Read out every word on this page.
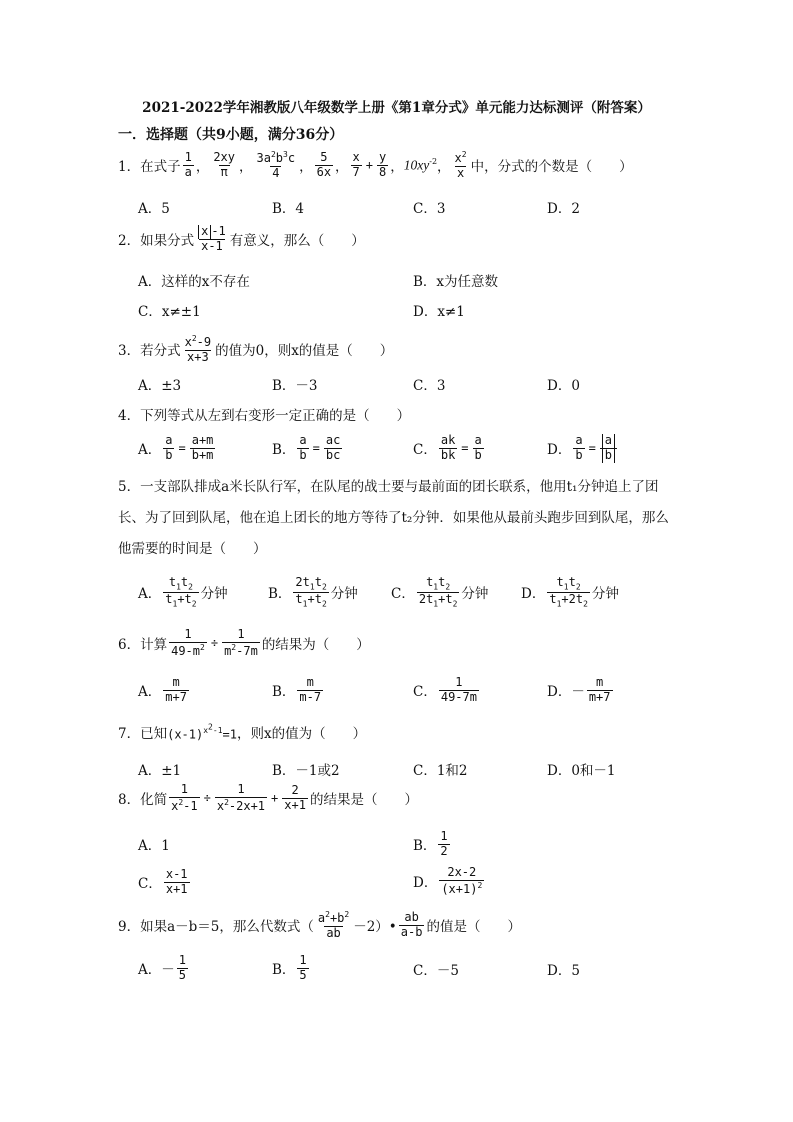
2021-2022学年湘教版八年级数学上册《第1章分式》单元能力达标测评（附答案）
一．选择题（共9小题，满分36分）
1．在式子 $\frac{1}{a}$ ， $\frac{2xy}{\pi}$ ， $\frac{3a^2b^3c}{4}$ ， $\frac{5}{6x}$ ， $\frac{x}{7} + \frac{y}{8}$ ， $10xy^{-2}$ ， $\frac{x^2}{x}$ 中，分式的个数是（　　）
A．5	B．4	C．3	D．2
2．如果分式 $\frac{x -1}{x-1}$ 有意义，那么（　　）
A．这样的x不存在	B．x为任意数
C．x≠±1	D．x≠1
3．若分式 $\frac{x^2-9}{x+3}$ 的值为0，则x的值是（　　）
A．±3	B．－3	C．3	D．0
4．下列等式从左到右变形一定正确的是（　　）
A． $\frac{a}{b} = \frac{a+m}{b+m}$	B． $\frac{a}{b} = \frac{ac}{bc}$	C． $\frac{ak}{bk} = \frac{a}{b}$	D． $\frac{a}{b} = \frac{a}{b}$
5．一支部队排成a米长队行军，在队尾的战士要与最前面的团长联系，他用t₁分钟追上了团长、为了回到队尾，他在追上团长的地方等待了t₂分钟．如果他从最前头跑步回到队尾，那么他需要的时间是（　　）
A． $\frac{t_1t_2}{t_1+t_2}$ 分钟	B． $\frac{2t_1t_2}{t_1+t_2}$ 分钟 C． $\frac{t_1t_2}{2t_1+t_2}$ 分钟 D． $\frac{t_1t_2}{t_1+2t_2}$ 分钟
6．计算 $\frac{1}{49-m^2} \div \frac{1}{m^2-7m}$ 的结果为（　　）
A． $\frac{m}{m+7}$	B． $\frac{m}{m-7}$	C． $\frac{1}{49-7m}$	D．－ $\frac{m}{m+7}$
7．已知 $(x-1)^{x^2-1}=1$ ，则x的值为（　　）
A．±1	B．－1或2	C．1和2	D．0和－1
8．化简 $\frac{1}{x^2-1} \div \frac{1}{x^2-2x+1} + \frac{2}{x+1}$ 的结果是（　　）
A．1	B． $\frac{1}{2}$
C． $\frac{x-1}{x+1}$	D． $\frac{2x-2}{(x+1)^2}$
9．如果a－b＝5，那么代数式（ $\frac{a^2+b^2}{ab}$ －2）• $\frac{ab}{a-b}$ 的值是（　　）
A．－ $\frac{1}{5}$	B． $\frac{1}{5}$	C．－5	D．5
